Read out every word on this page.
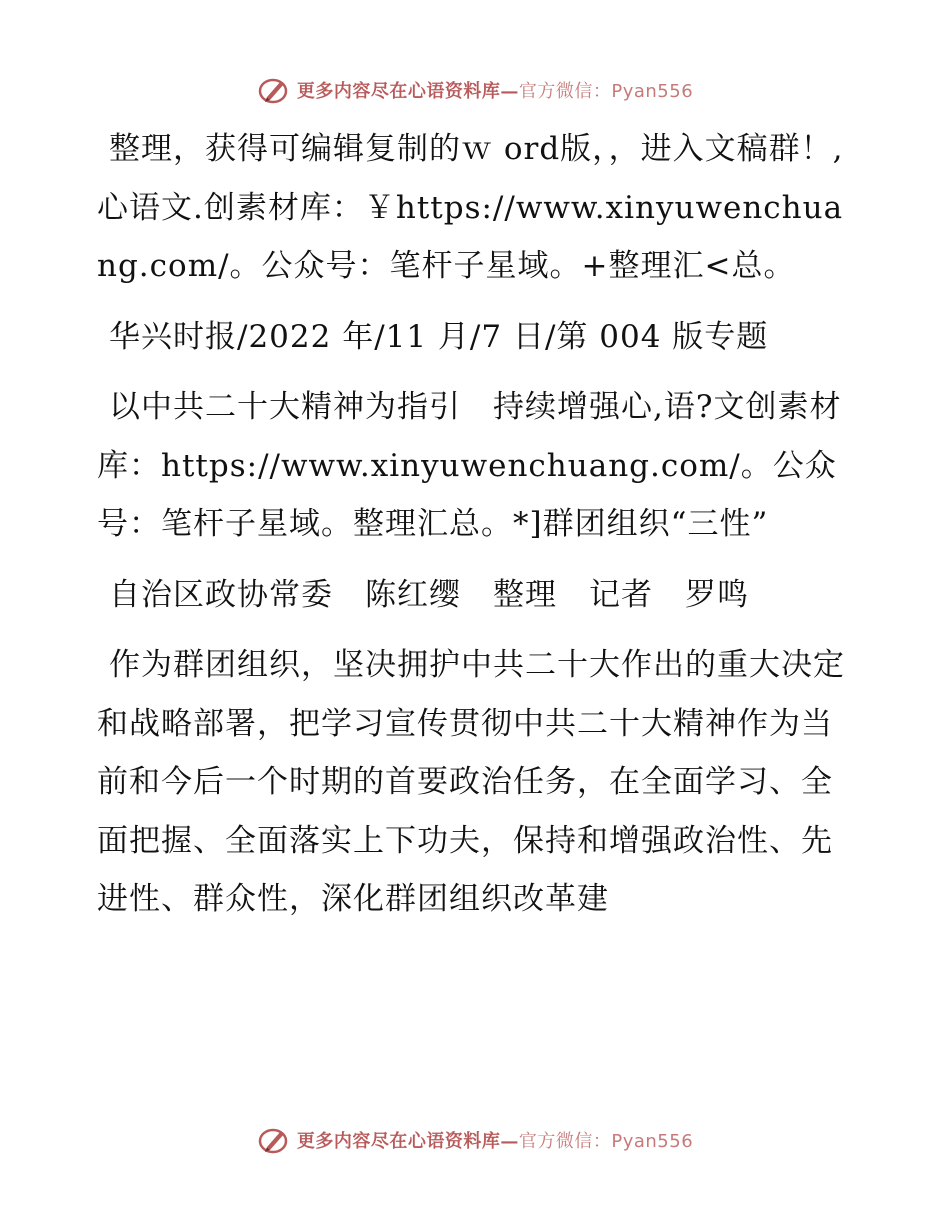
更多内容尽在心语资料库—官方微信：Pyan556

整理，获得可编辑复制的ｗ ord版，，进入文稿群！,心语文.创素材库：￥https://www.xinyuwenchuang.com/。公众号：笔杆子星域。+整理汇<总。

华兴时报/2022 年/11 月/7 日/第 004 版专题

以中共二十大精神为指引　持续增强心,语?文创素材库：https://www.xinyuwenchuang.com/。公众号：笔杆子星域。整理汇总。*]群团组织“三性”

自治区政协常委　陈红缨　整理　记者　罗鸣

作为群团组织，坚决拥护中共二十大作出的重大决定和战略部署，把学习宣传贯彻中共二十大精神作为当前和今后一个时期的首要政治任务，在全面学习、全面把握、全面落实上下功夫，保持和增强政治性、先进性、群众性，深化群团组织改革建

更多内容尽在心语资料库—官方微信：Pyan556
